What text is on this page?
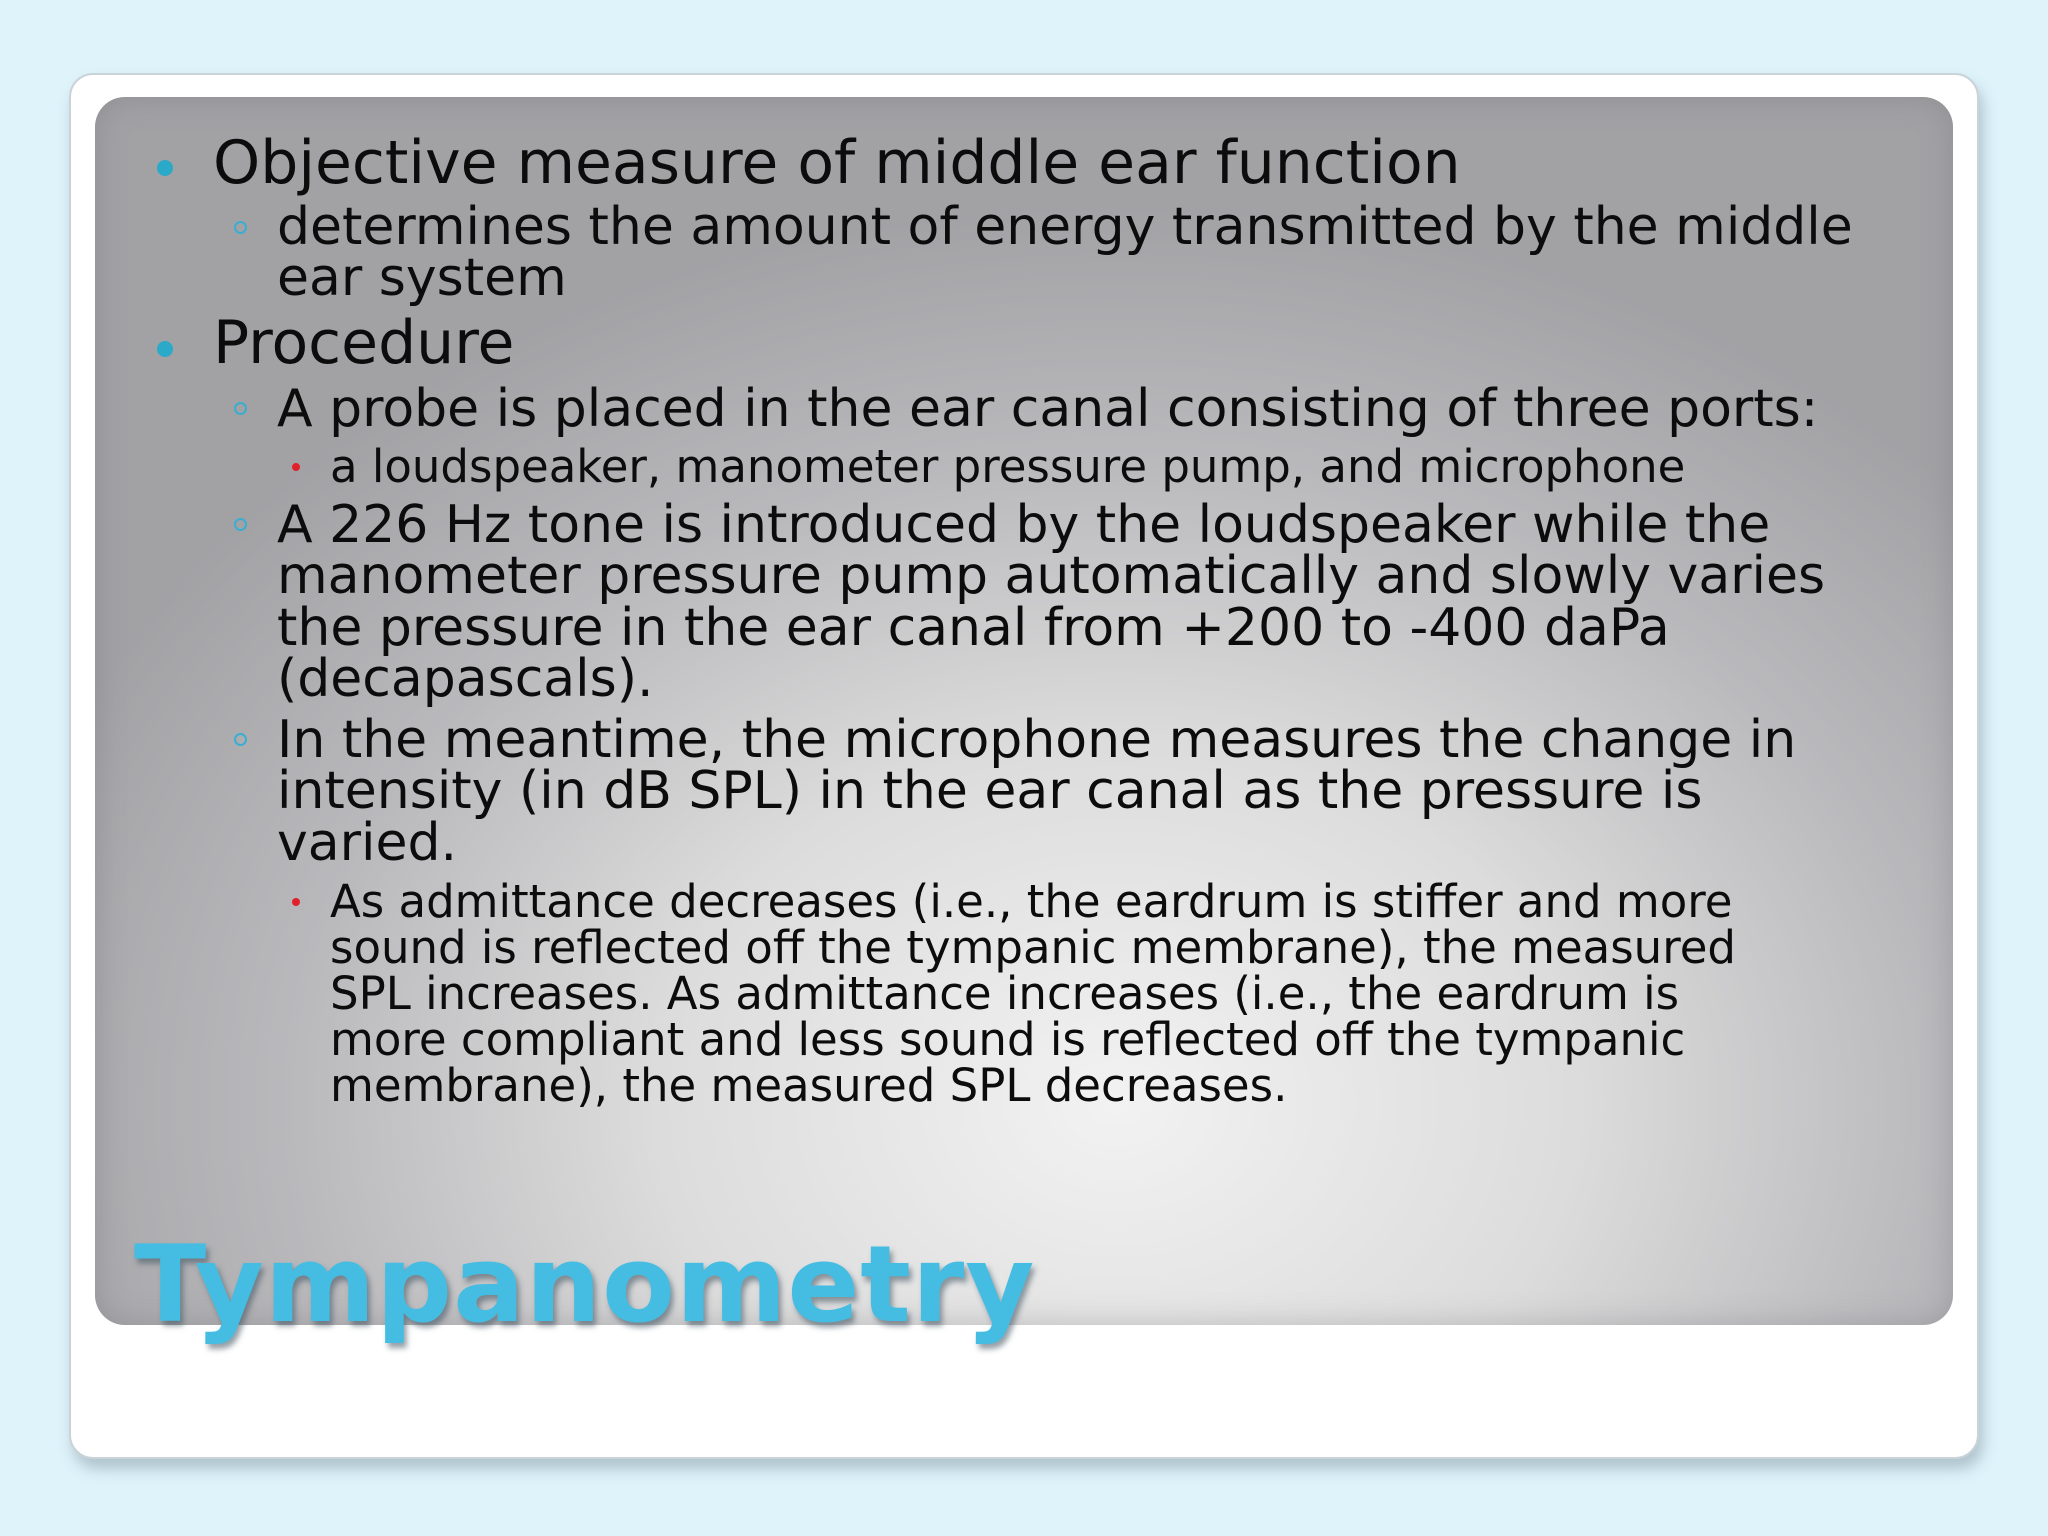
Objective measure of middle ear function
determines the amount of energy transmitted by the middle
ear system
Procedure
A probe is placed in the ear canal consisting of three ports:
a loudspeaker, manometer pressure pump, and microphone
A 226 Hz tone is introduced by the loudspeaker while the
manometer pressure pump automatically and slowly varies
the pressure in the ear canal from +200 to -400 daPa
(decapascals).
In the meantime, the microphone measures the change in
intensity (in dB SPL) in the ear canal as the pressure is
varied.
As admittance decreases (i.e., the eardrum is stiffer and more
sound is reflected off the tympanic membrane), the measured
SPL increases. As admittance increases (i.e., the eardrum is
more compliant and less sound is reflected off the tympanic
membrane), the measured SPL decreases.
Tympanometry
